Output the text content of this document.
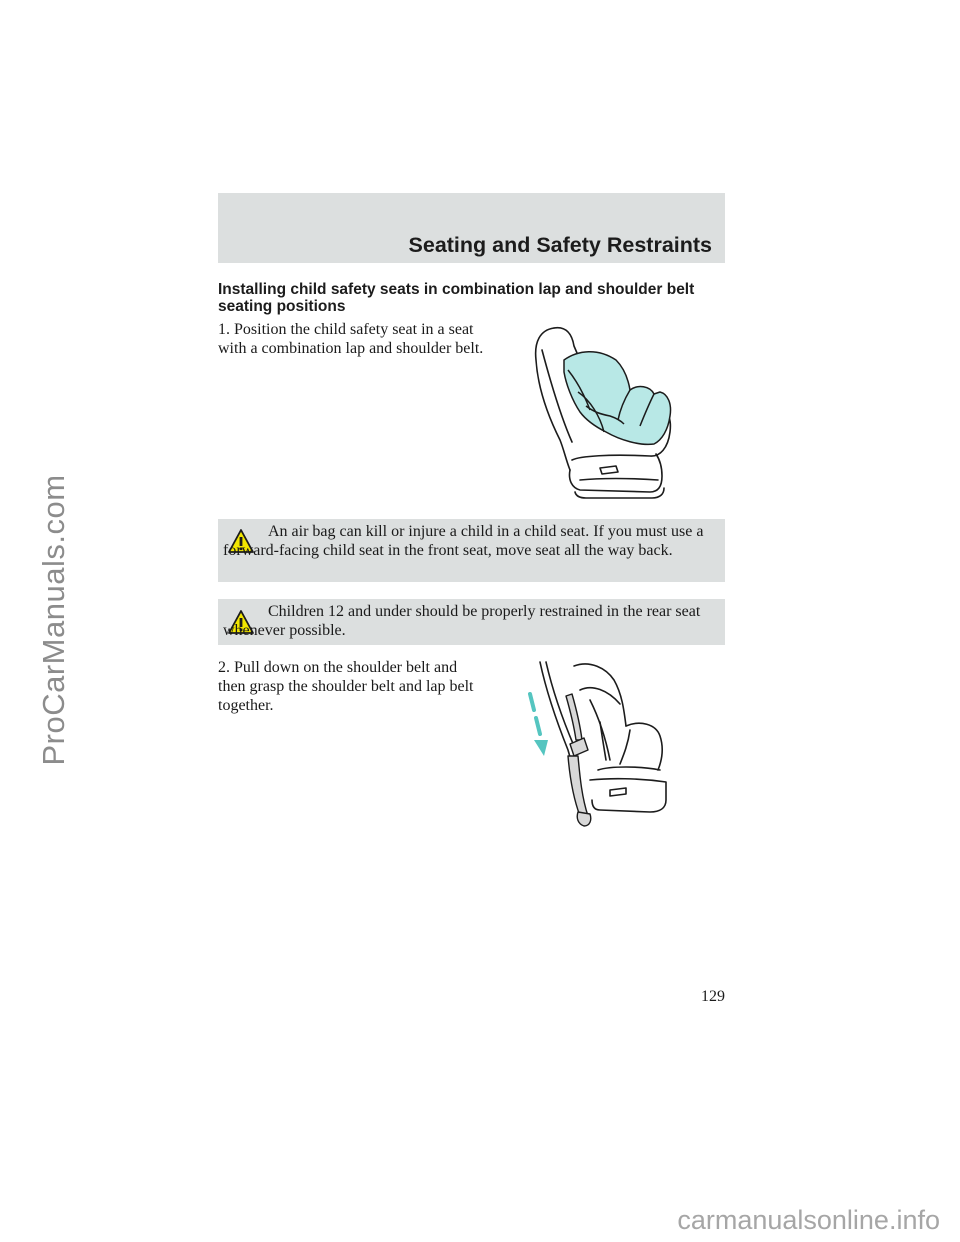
ProCarManuals.com
Seating and Safety Restraints
Installing child safety seats in combination lap and shoulder belt seating positions

1. Position the child safety seat in a seat with a combination lap and shoulder belt.

An air bag can kill or injure a child in a child seat. If you must use a forward-facing child seat in the front seat, move seat all the way back.

Children 12 and under should be properly restrained in the rear seat whenever possible.

2. Pull down on the shoulder belt and then grasp the shoulder belt and lap belt together.

129
carmanualsonline.info
